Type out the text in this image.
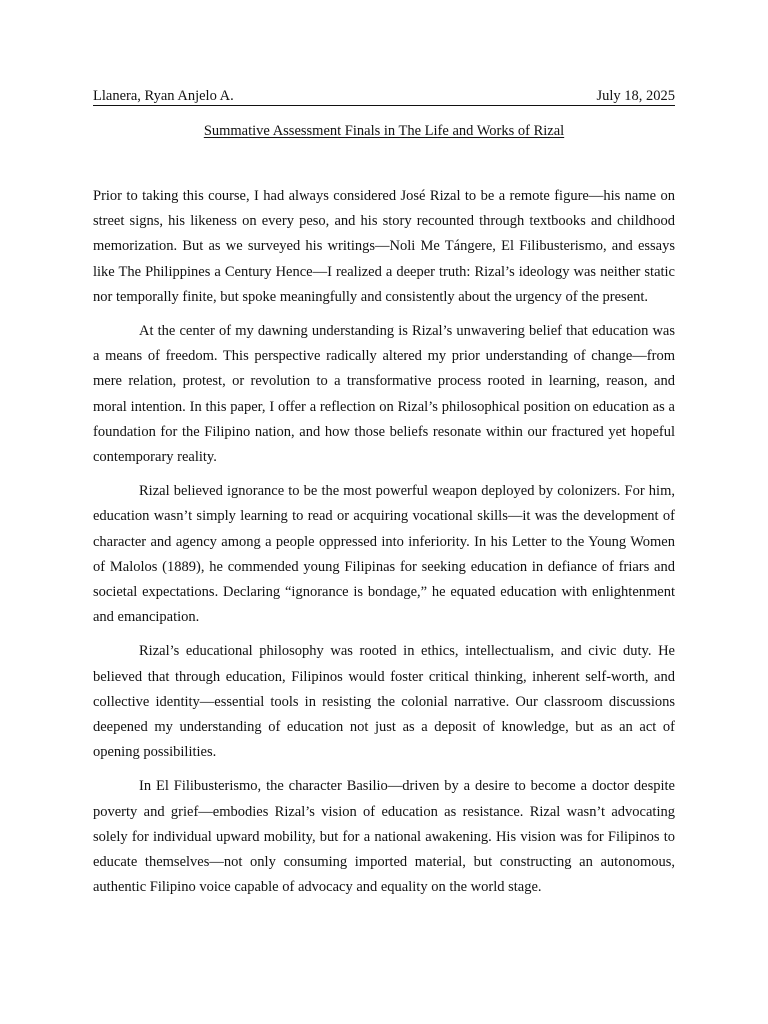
Llanera, Ryan Anjelo A.	July 18, 2025
Summative Assessment Finals in The Life and Works of Rizal

Prior to taking this course, I had always considered José Rizal to be a remote figure—his name on street signs, his likeness on every peso, and his story recounted through textbooks and childhood memorization. But as we surveyed his writings—Noli Me Tángere, El Filibusterismo, and essays like The Philippines a Century Hence—I realized a deeper truth: Rizal’s ideology was neither static nor temporally finite, but spoke meaningfully and consistently about the urgency of the present.

At the center of my dawning understanding is Rizal’s unwavering belief that education was a means of freedom. This perspective radically altered my prior understanding of change—from mere relation, protest, or revolution to a transformative process rooted in learning, reason, and moral intention. In this paper, I offer a reflection on Rizal’s philosophical position on education as a foundation for the Filipino nation, and how those beliefs resonate within our fractured yet hopeful contemporary reality.

Rizal believed ignorance to be the most powerful weapon deployed by colonizers. For him, education wasn’t simply learning to read or acquiring vocational skills—it was the development of character and agency among a people oppressed into inferiority. In his Letter to the Young Women of Malolos (1889), he commended young Filipinas for seeking education in defiance of friars and societal expectations. Declaring “ignorance is bondage,” he equated education with enlightenment and emancipation.

Rizal’s educational philosophy was rooted in ethics, intellectualism, and civic duty. He believed that through education, Filipinos would foster critical thinking, inherent self-worth, and collective identity—essential tools in resisting the colonial narrative. Our classroom discussions deepened my understanding of education not just as a deposit of knowledge, but as an act of opening possibilities.

In El Filibusterismo, the character Basilio—driven by a desire to become a doctor despite poverty and grief—embodies Rizal’s vision of education as resistance. Rizal wasn’t advocating solely for individual upward mobility, but for a national awakening. His vision was for Filipinos to educate themselves—not only consuming imported material, but constructing an autonomous, authentic Filipino voice capable of advocacy and equality on the world stage.
